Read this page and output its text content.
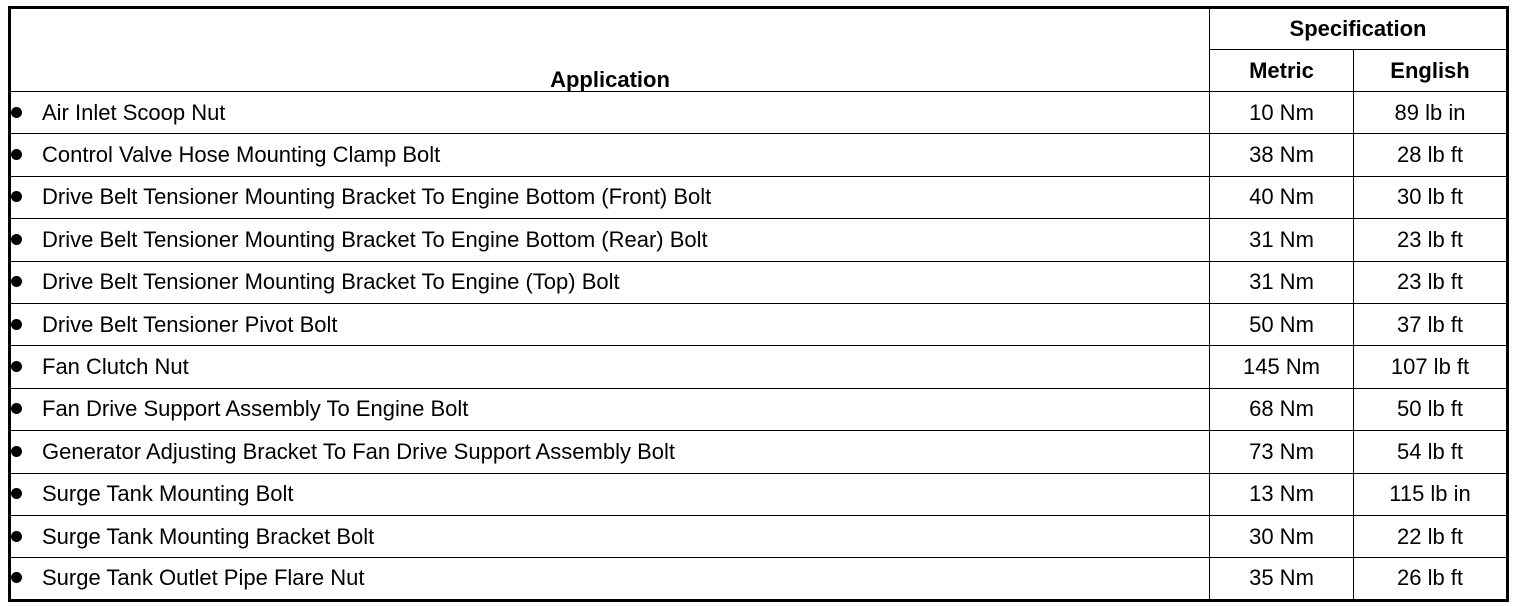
Application	Specification	
	Metric	English
Air Inlet Scoop Nut	10 Nm	89 lb in
Control Valve Hose Mounting Clamp Bolt	38 Nm	28 lb ft
Drive Belt Tensioner Mounting Bracket To Engine Bottom (Front) Bolt	40 Nm	30 lb ft
Drive Belt Tensioner Mounting Bracket To Engine Bottom (Rear) Bolt	31 Nm	23 lb ft
Drive Belt Tensioner Mounting Bracket To Engine (Top) Bolt	31 Nm	23 lb ft
Drive Belt Tensioner Pivot Bolt	50 Nm	37 lb ft
Fan Clutch Nut	145 Nm	107 lb ft
Fan Drive Support Assembly To Engine Bolt	68 Nm	50 lb ft
Generator Adjusting Bracket To Fan Drive Support Assembly Bolt	73 Nm	54 lb ft
Surge Tank Mounting Bolt	13 Nm	115 lb in
Surge Tank Mounting Bracket Bolt	30 Nm	22 lb ft
Surge Tank Outlet Pipe Flare Nut	35 Nm	26 lb ft
